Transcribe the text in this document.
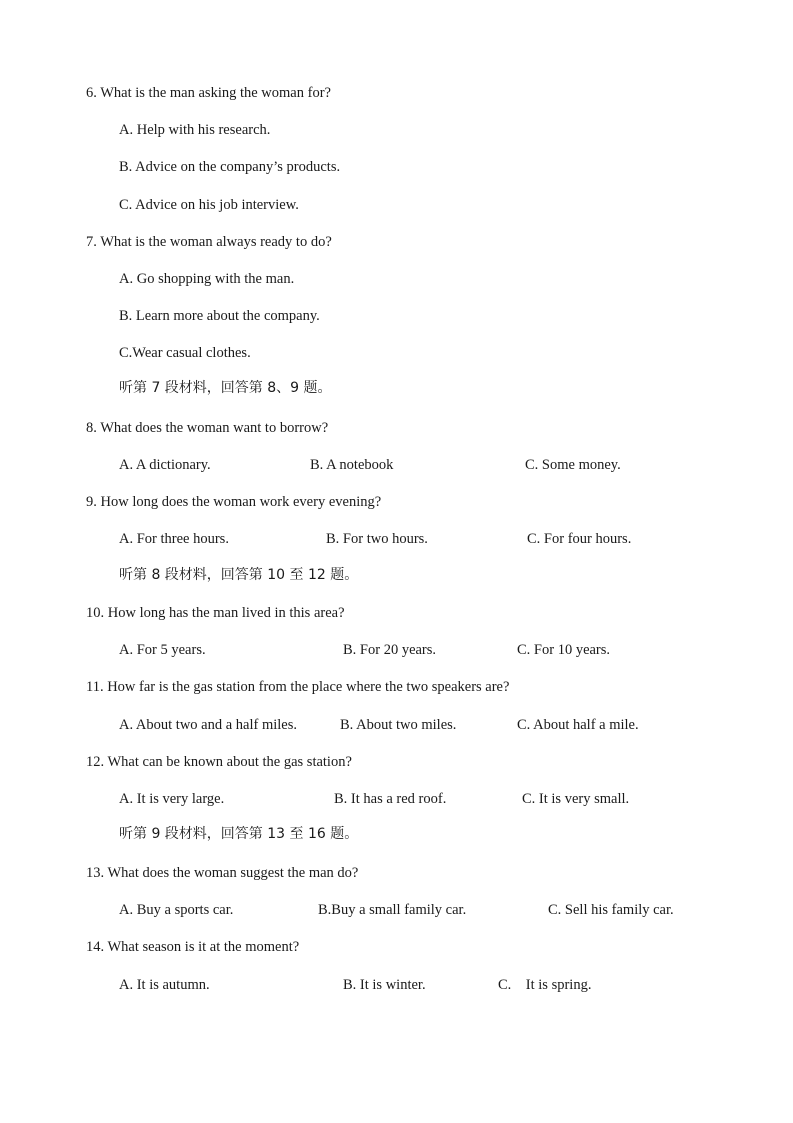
6. What is the man asking the woman for?
A. Help with his research.
B. Advice on the company’s products.
C. Advice on his job interview.
7. What is the woman always ready to do?
A. Go shopping with the man.
B. Learn more about the company.
C.Wear casual clothes.
听第 7 段材料，回答第 8、9 题。
8. What does the woman want to borrow?
A. A dictionary.	B. A notebook	C. Some money.
9. How long does the woman work every evening?
A. For three hours.	B. For two hours.	C. For four hours.
听第 8 段材料，回答第 10 至 12 题。
10. How long has the man lived in this area?
A. For 5 years.	B. For 20 years.	C. For 10 years.
11. How far is the gas station from the place where the two speakers are?
A. About two and a half miles.	B. About two miles.	C. About half a mile.
12. What can be known about the gas station?
A. It is very large.	B. It has a red roof.	C. It is very small.
听第 9 段材料，回答第 13 至 16 题。
13. What does the woman suggest the man do?
A. Buy a sports car.	B.Buy a small family car.	C. Sell his family car.
14. What season is it at the moment?
A. It is autumn.	B. It is winter.	C.    It is spring.
